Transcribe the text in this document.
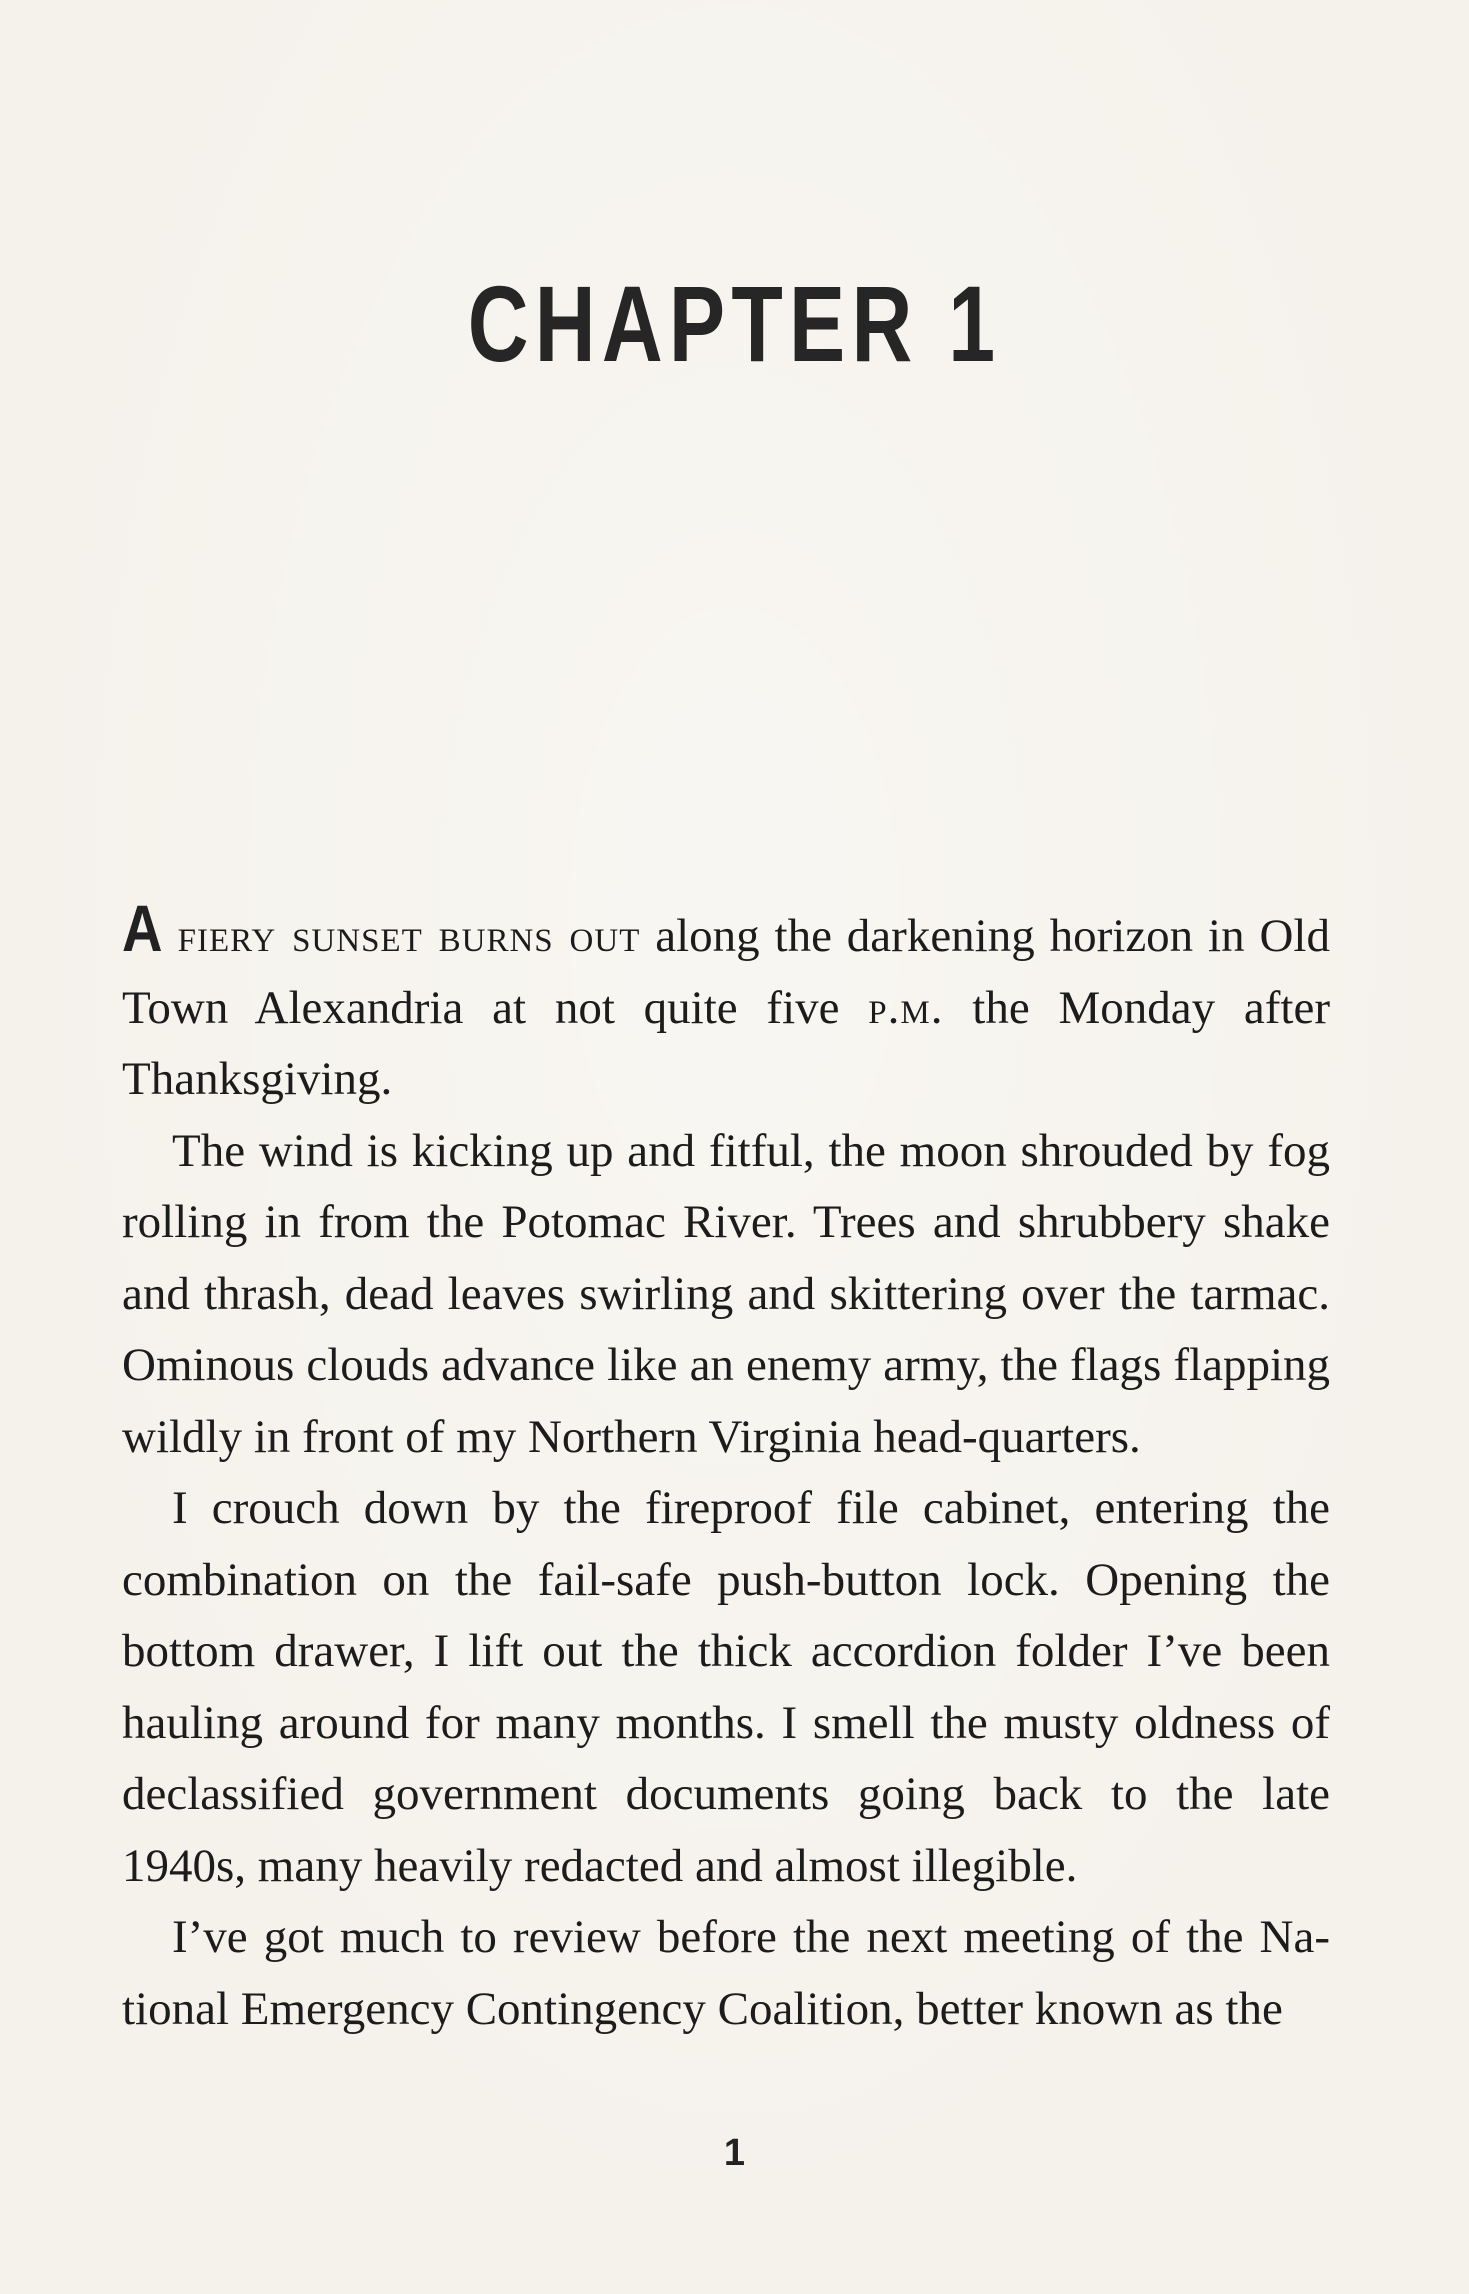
CHAPTER 1

A fiery sunset burns out along the darkening horizon in Old Town Alexandria at not quite five p.m. the Monday after Thanksgiving.

The wind is kicking up and fitful, the moon shrouded by fog rolling in from the Potomac River. Trees and shrubbery shake and thrash, dead leaves swirling and skittering over the tarmac. Ominous clouds advance like an enemy army, the flags flapping wildly in front of my Northern Virginia head-quarters.

I crouch down by the fireproof file cabinet, entering the combination on the fail-safe push-button lock. Opening the bottom drawer, I lift out the thick accordion folder I’ve been hauling around for many months. I smell the musty oldness of declassified government documents going back to the late 1940s, many heavily redacted and almost illegible.

I’ve got much to review before the next meeting of the Na-tional Emergency Contingency Coalition, better known as the

1
